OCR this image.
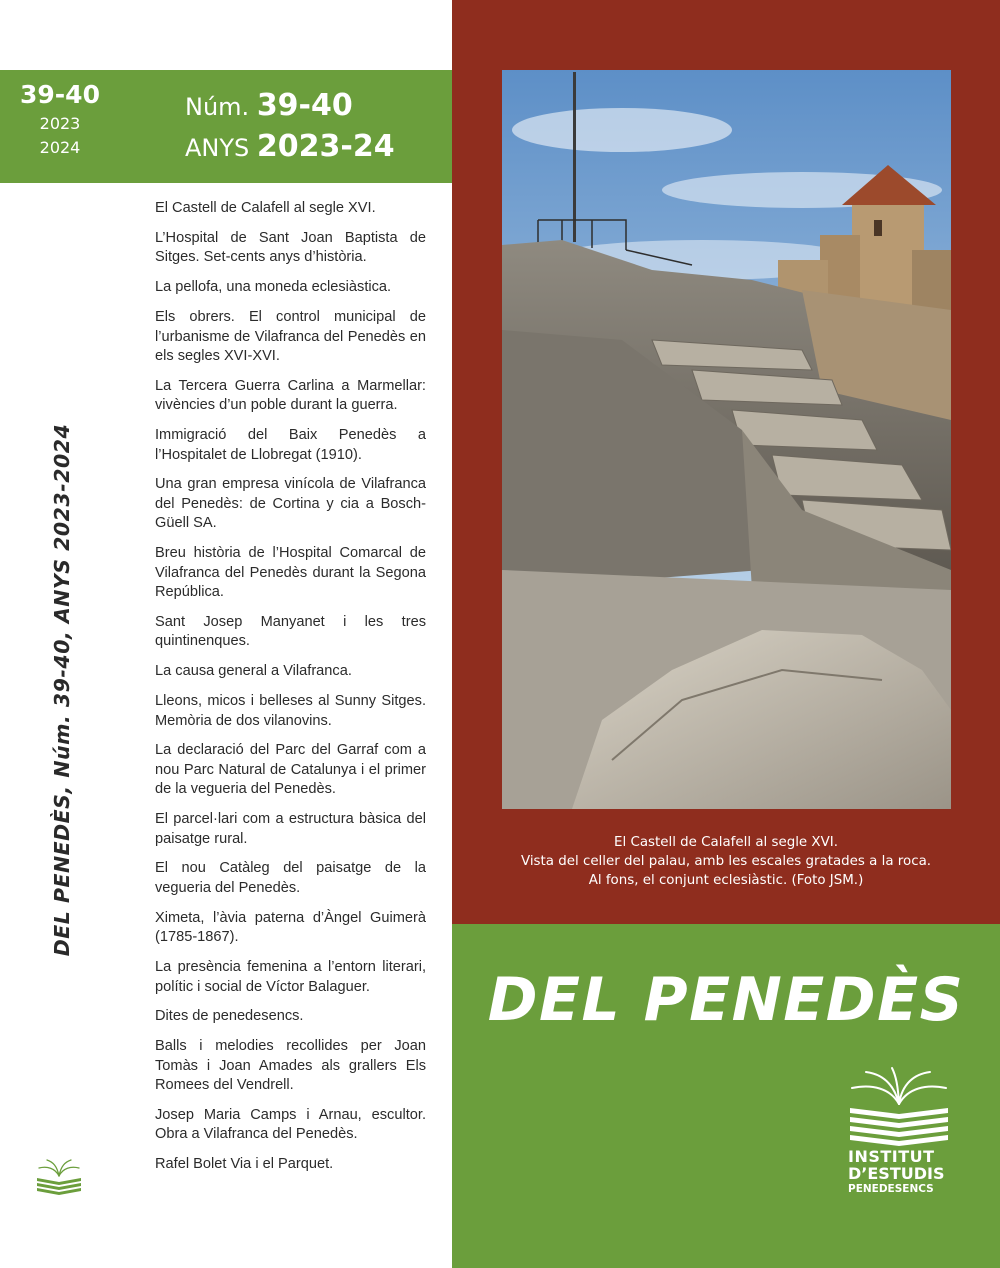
39-40
2023
2024
Núm. 39-40
ANYS 2023-24
DEL PENEDÈS, Núm. 39-40, ANYS 2023-2024
El Castell de Calafell al segle XVI.
L’Hospital de Sant Joan Baptista de Sitges. Set-cents anys d’història.
La pellofa, una moneda eclesiàstica.
Els obrers. El control municipal de l’urbanisme de Vilafranca del Penedès en els segles XVI-XVI.
La Tercera Guerra Carlina a Marmellar: vivències d’un poble durant la guerra.
Immigració del Baix Penedès a l’Hospitalet de Llobregat (1910).
Una gran empresa vinícola de Vilafranca del Penedès: de Cortina y cia a Bosch-Güell SA.
Breu història de l’Hospital Comarcal de Vilafranca del Penedès durant la Segona República.
Sant Josep Manyanet i les tres quintinenques.
La causa general a Vilafranca.
Lleons, micos i belleses al Sunny Sitges. Memòria de dos vilanovins.
La declaració del Parc del Garraf com a nou Parc Natural de Catalunya i el primer de la vegueria del Penedès.
El parcel·lari com a estructura bàsica del paisatge rural.
El nou Catàleg del paisatge de la vegueria del Penedès.
Ximeta, l’àvia paterna d’Àngel Guimerà (1785-1867).
La presència femenina a l’entorn literari, polític i social de Víctor Balaguer.
Dites de penedesencs.
Balls i melodies recollides per Joan Tomàs i Joan Amades als grallers Els Romees del Vendrell.
Josep Maria Camps i Arnau, escultor. Obra a Vilafranca del Penedès.
Rafel Bolet Via i el Parquet.
El Castell de Calafell al segle XVI.
Vista del celler del palau, amb les escales gratades a la roca.
Al fons, el conjunt eclesiàstic. (Foto JSM.)
DEL PENEDÈS
INSTITUT
D’ESTUDIS
PENEDESENCS
